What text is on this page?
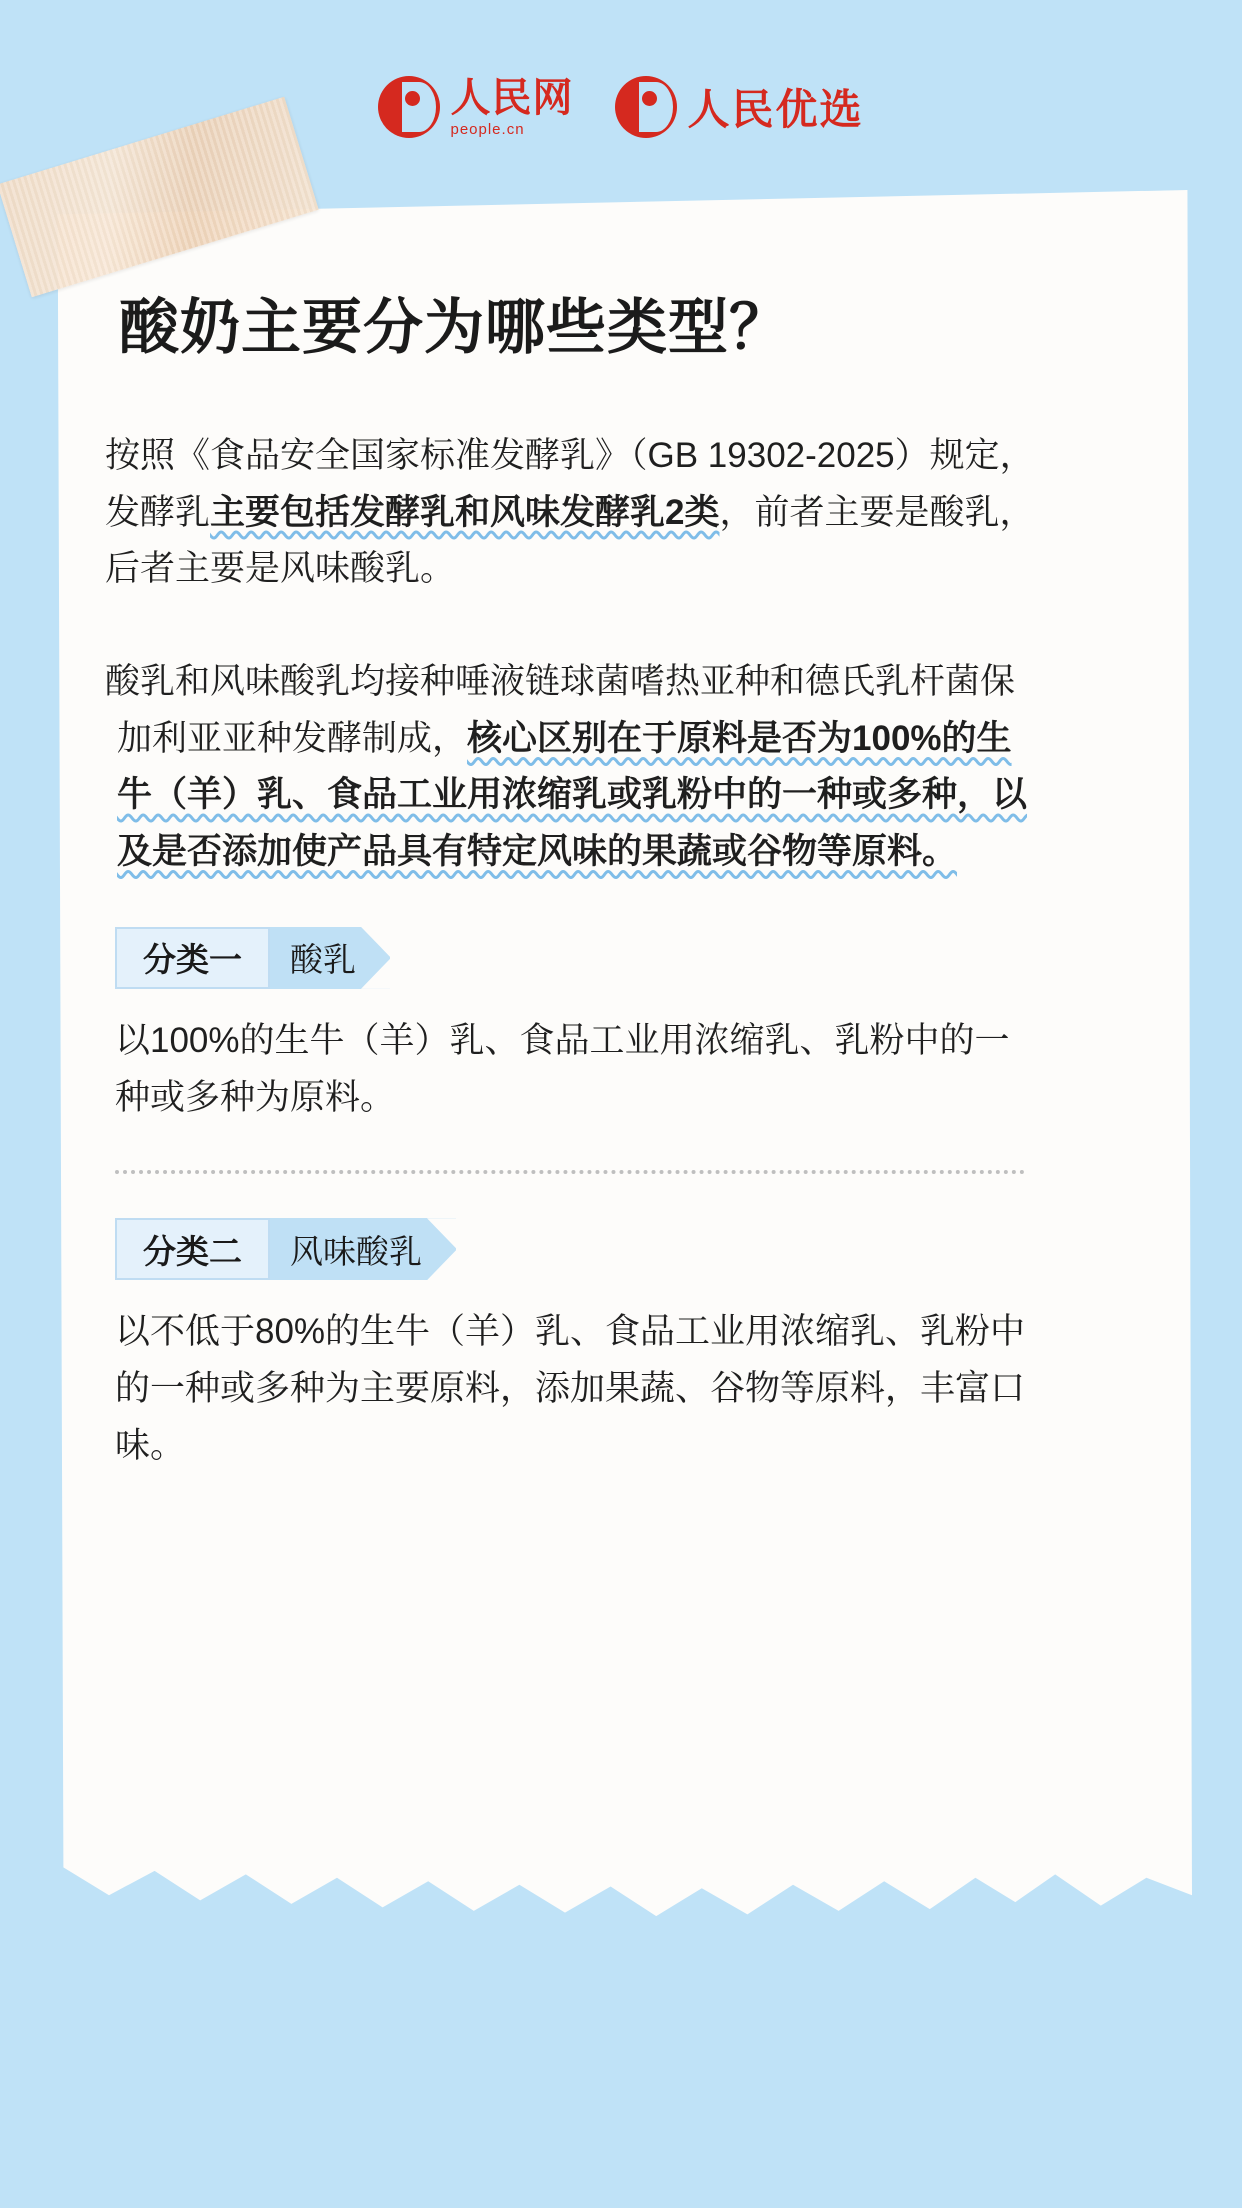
人民网
people.cn	人民优选
酸奶主要分为哪些类型？

按照《食品安全国家标准发酵乳》（GB 19302-2025）规定，发酵乳主要包括发酵乳和风味发酵乳2类，前者主要是酸乳，后者主要是风味酸乳。

酸乳和风味酸乳均接种唾液链球菌嗜热亚种和德氏乳杆菌保加利亚亚种发酵制成，核心区别在于原料是否为100%的生牛（羊）乳、食品工业用浓缩乳或乳粉中的一种或多种，以及是否添加使产品具有特定风味的果蔬或谷物等原料。

分类一	酸乳

以100%的生牛（羊）乳、食品工业用浓缩乳、乳粉中的一种或多种为原料。

分类二	风味酸乳

以不低于80%的生牛（羊）乳、食品工业用浓缩乳、乳粉中的一种或多种为主要原料，添加果蔬、谷物等原料，丰富口味。
